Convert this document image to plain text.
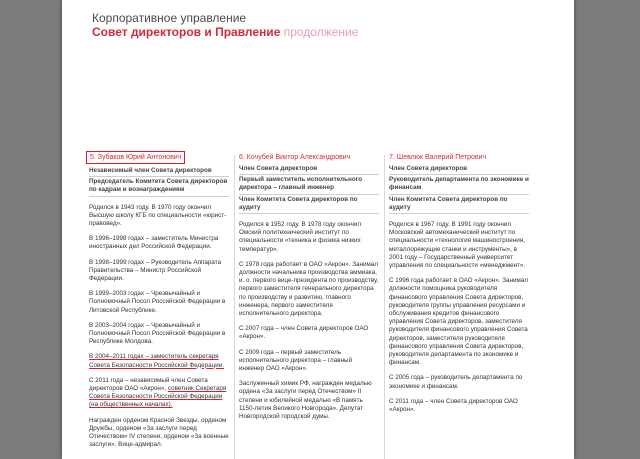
Корпоративное управление
Совет директоров и Правление продолжение
5. Зубаков Юрий Антонович
Независимый член Совета директоров
Председатель Комитета Совета директоров по кадрам и вознаграждениям

Родился в 1943 году. В 1970 году окончил Высшую школу КГБ по специальности «юрист-правовед».

В 1996–1998 годах – заместитель Министра иностранных дел Российской Федерации.

В 1998–1999 годах – Руководитель Аппарата Правительства – Министр Российской Федерации.

В 1999–2003 годах – Чрезвычайный и Полномочный Посол Российской Федерации в Литовской Республике.

В 2003–2004 годах – Чрезвычайный и Полномочный Посол Российской Федерации в Республике Молдова.

В 2004–2011 годах – заместитель секретаря Совета Безопасности Российской Федерации.

С 2011 года – независимый член Совета директоров ОАО «Акрон», советник Секретаря Совета Безопасности Российской Федерации (на общественных началах).

Награжден орденом Красной Звезды, орденом Дружбы, орденом «За заслуги перед Отечеством» IV степени, орденом «За военные заслуги», Вице-адмирал.

6. Кочубей Виктор Александрович
Член Совета директоров
Первый заместитель исполнительного директора – главный инженер
Член Комитета Совета директоров по аудиту

Родился в 1952 году. В 1978 году окончил Омский политехнический институт по специальности «техника и физика низких температур».

С 1978 года работает в ОАО «Акрон». Занимал должности начальника производства аммиака, и. о. первого вице-президента по производству, первого заместителя генерального директора по производству и развитию, главного инженера, первого заместителя исполнительного директора.

С 2007 года – член Совета директоров ОАО «Акрон».

С 2009 года – первый заместитель исполнительного директора – главный инженер ОАО «Акрон».

Заслуженный химик РФ, награжден медалью ордена «За заслуги перед Отечеством» II степени и юбилейной медалью «В память 1150-летия Великого Новгорода». Депутат Новгородской городской думы.

7. Шевлюк Валерий Петрович
Член Совета директоров
Руководитель департамента по экономике и финансам
Член Комитета Совета директоров по аудиту

Родился в 1967 году. В 1991 году окончил Московский автомеханический институт по специальности «технология машиностроения, металлорежущие станки и инструменты», в 2001 году – Государственный университет управления по специальности «менеджмент».

С 1996 года работает в ОАО «Акрон». Занимал должности помощника руководителя финансового управления Совета директоров, руководителя группы управления ресурсами и обслуживания кредитов финансового управления Совета директоров, заместителя руководителя финансового управления Совета директоров, заместителя руководителя финансового управления Совета директоров, руководителя департамента по экономике и финансам.

С 2005 года – руководитель департамента по экономике и финансам.

С 2011 года – член Совета директоров ОАО «Акрон».
